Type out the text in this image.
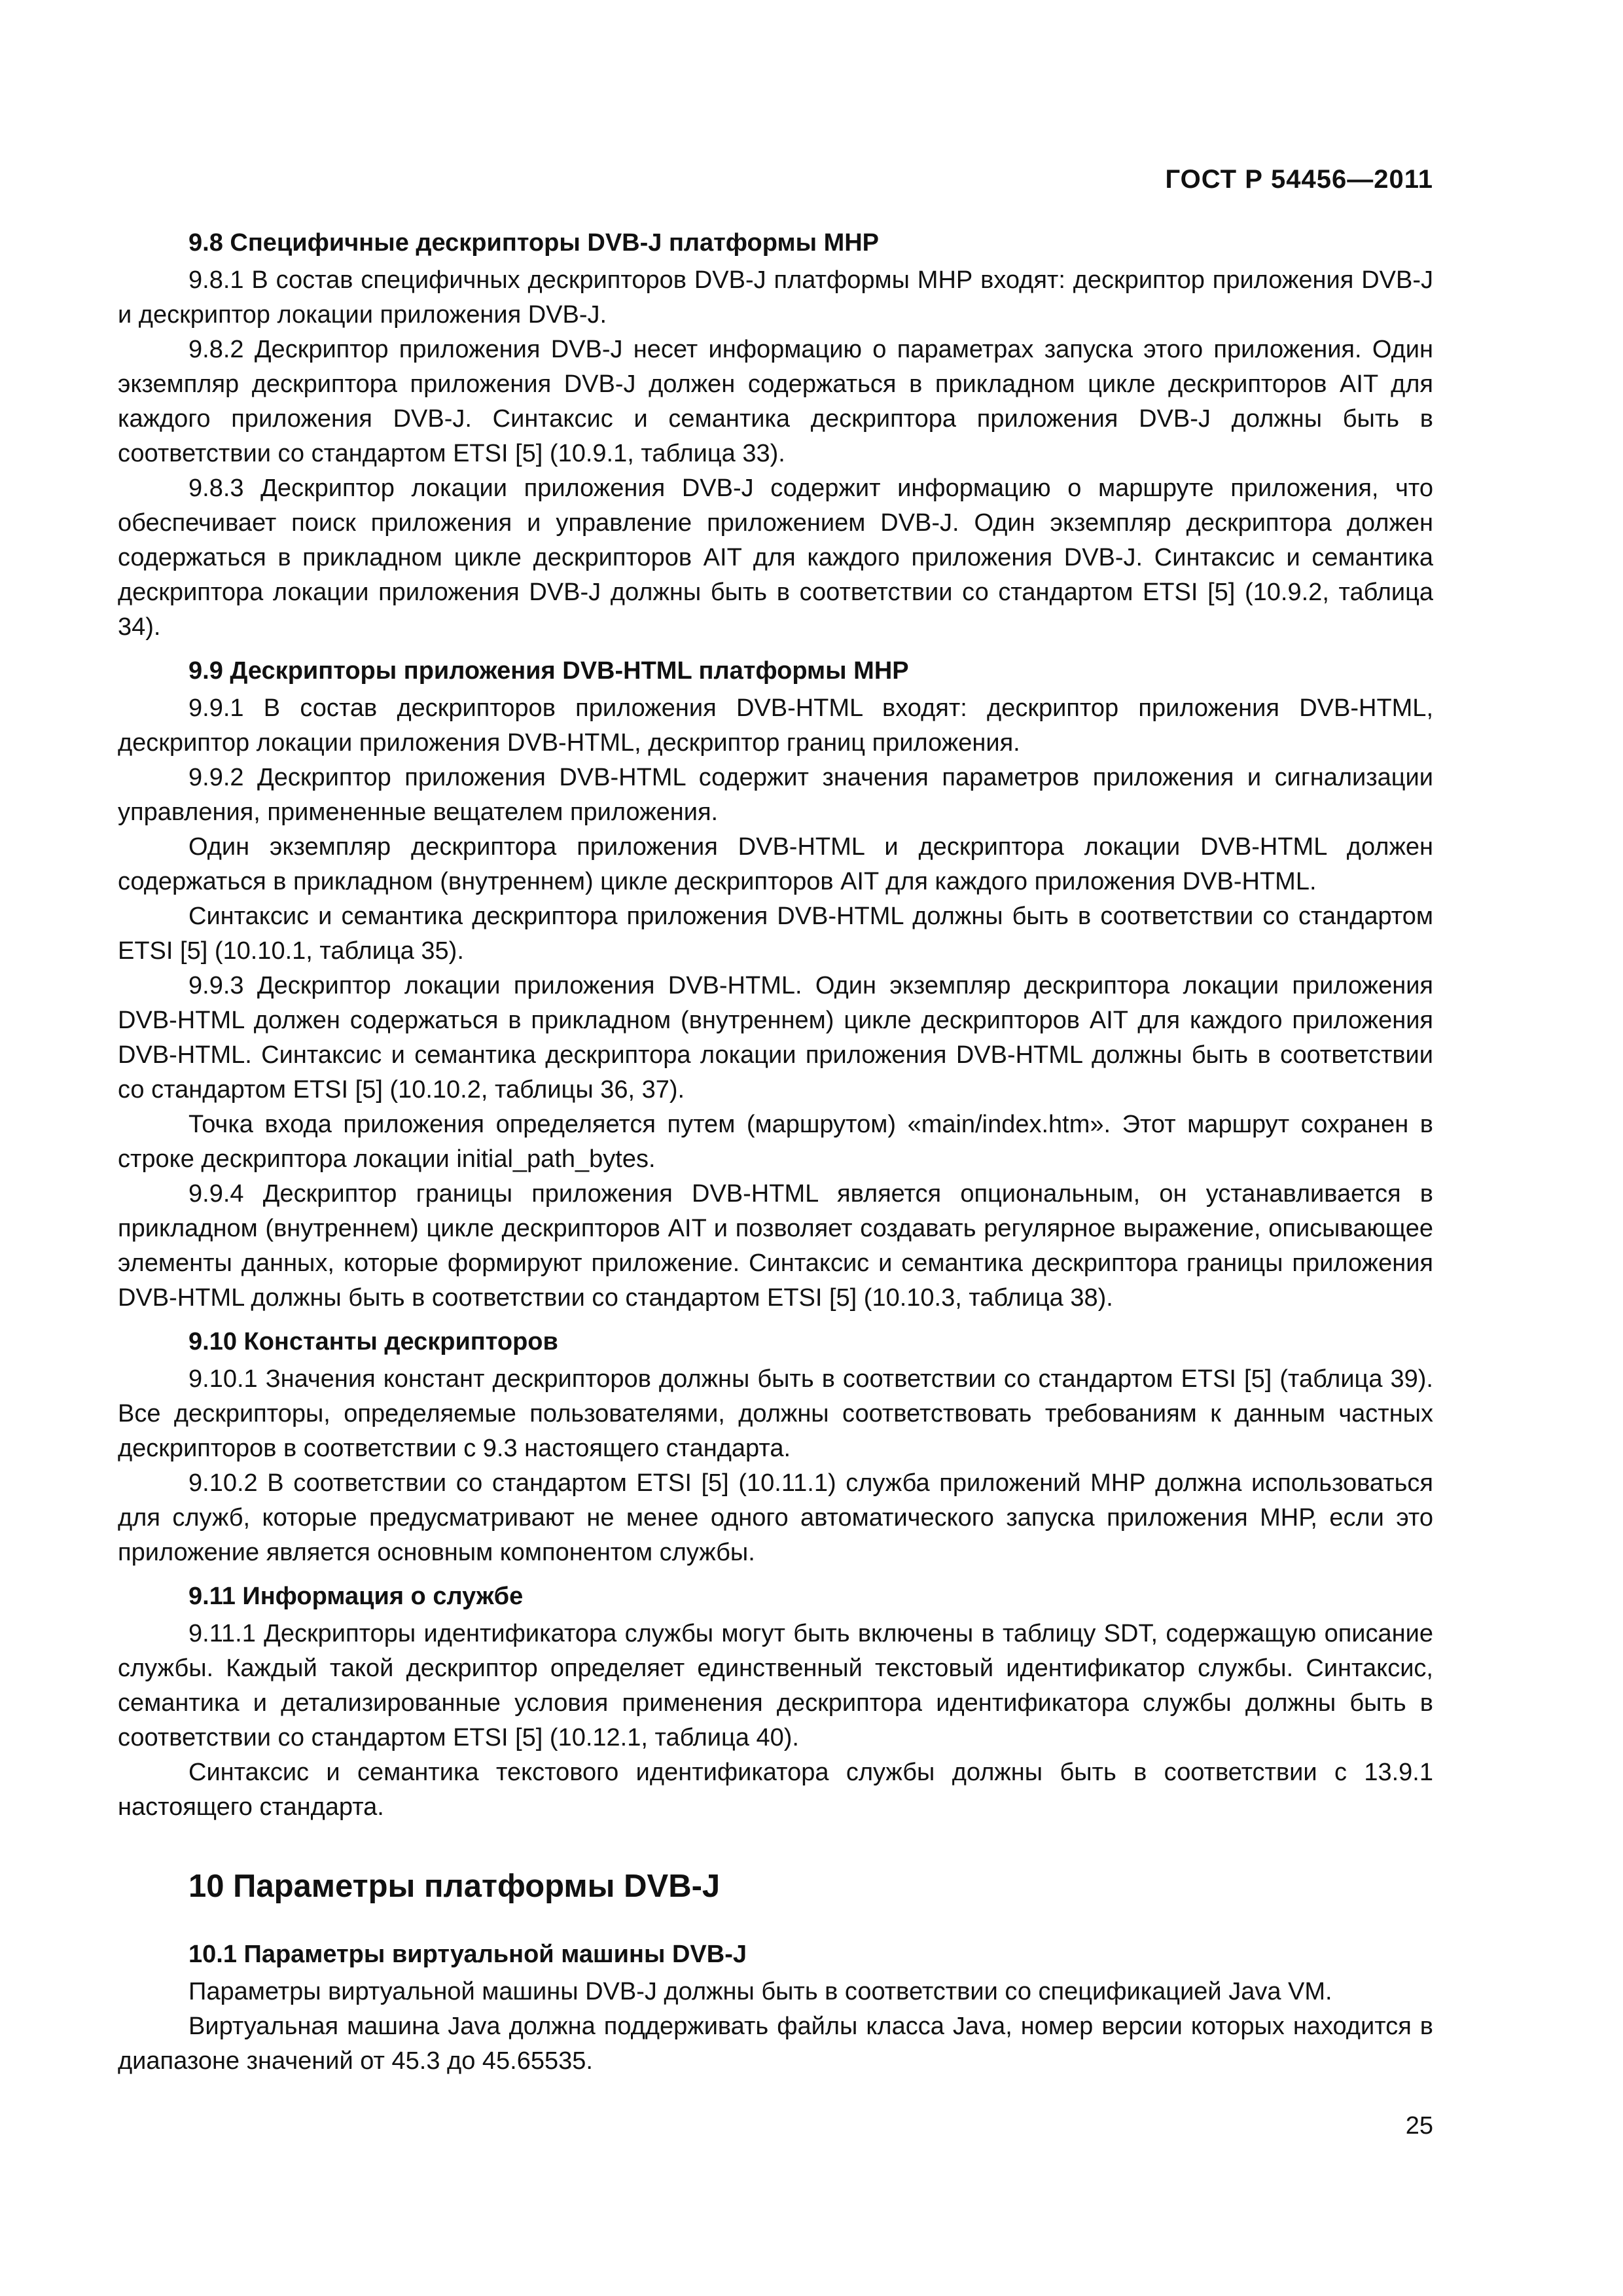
ГОСТ Р 54456—2011
9.8 Специфичные дескрипторы DVB-J платформы МНР

9.8.1 В состав специфичных дескрипторов DVB-J платформы МНР входят: дескриптор приложения DVB-J и дескриптор локации приложения DVB-J.

9.8.2 Дескриптор приложения DVB-J несет информацию о параметрах запуска этого приложения. Один экземпляр дескриптора приложения DVB-J должен содержаться в прикладном цикле дескрипторов AIT для каждого приложения DVB-J. Синтаксис и семантика дескриптора приложения DVB-J должны быть в соответствии со стандартом ETSI [5] (10.9.1, таблица 33).

9.8.3 Дескриптор локации приложения DVB-J содержит информацию о маршруте приложения, что обеспечивает поиск приложения и управление приложением DVB-J. Один экземпляр дескриптора должен содержаться в прикладном цикле дескрипторов AIT для каждого приложения DVB-J. Синтаксис и семантика дескриптора локации приложения DVB-J должны быть в соответствии со стандартом ETSI [5] (10.9.2, таблица 34).

9.9 Дескрипторы приложения DVB-HTML платформы МНР

9.9.1 В состав дескрипторов приложения DVB-HTML входят: дескриптор приложения DVB-HTML, дескриптор локации приложения DVB-HTML, дескриптор границ приложения.

9.9.2 Дескриптор приложения DVB-HTML содержит значения параметров приложения и сигнализации управления, примененные вещателем приложения.

Один экземпляр дескриптора приложения DVB-HTML и дескриптора локации DVB-HTML должен содержаться в прикладном (внутреннем) цикле дескрипторов AIT для каждого приложения DVB-HTML.

Синтаксис и семантика дескриптора приложения DVB-HTML должны быть в соответствии со стандартом ETSI [5] (10.10.1, таблица 35).

9.9.3 Дескриптор локации приложения DVB-HTML. Один экземпляр дескриптора локации приложения DVB-HTML должен содержаться в прикладном (внутреннем) цикле дескрипторов AIT для каждого приложения DVB-HTML. Синтаксис и семантика дескриптора локации приложения DVB-HTML должны быть в соответствии со стандартом ETSI [5] (10.10.2, таблицы 36, 37).

Точка входа приложения определяется путем (маршрутом) «main/index.htm». Этот маршрут сохранен в строке дескриптора локации initial_path_bytes.

9.9.4 Дескриптор границы приложения DVB-HTML является опциональным, он устанавливается в прикладном (внутреннем) цикле дескрипторов AIT и позволяет создавать регулярное выражение, описывающее элементы данных, которые формируют приложение. Синтаксис и семантика дескриптора границы приложения DVB-HTML должны быть в соответствии со стандартом ETSI [5] (10.10.3, таблица 38).

9.10 Константы дескрипторов

9.10.1 Значения констант дескрипторов должны быть в соответствии со стандартом ETSI [5] (таблица 39). Все дескрипторы, определяемые пользователями, должны соответствовать требованиям к данным частных дескрипторов в соответствии с 9.3 настоящего стандарта.

9.10.2 В соответствии со стандартом ETSI [5] (10.11.1) служба приложений МНР должна использоваться для служб, которые предусматривают не менее одного автоматического запуска приложения МНР, если это приложение является основным компонентом службы.

9.11 Информация о службе

9.11.1 Дескрипторы идентификатора службы могут быть включены в таблицу SDT, содержащую описание службы. Каждый такой дескриптор определяет единственный текстовый идентификатор службы. Синтаксис, семантика и детализированные условия применения дескриптора идентификатора службы должны быть в соответствии со стандартом ETSI [5] (10.12.1, таблица 40).

Синтаксис и семантика текстового идентификатора службы должны быть в соответствии с 13.9.1 настоящего стандарта.

10 Параметры платформы DVB-J
10.1 Параметры виртуальной машины DVB-J

Параметры виртуальной машины DVB-J должны быть в соответствии со спецификацией Java VM.

Виртуальная машина Java должна поддерживать файлы класса Java, номер версии которых находится в диапазоне значений от 45.3 до 45.65535.

25
